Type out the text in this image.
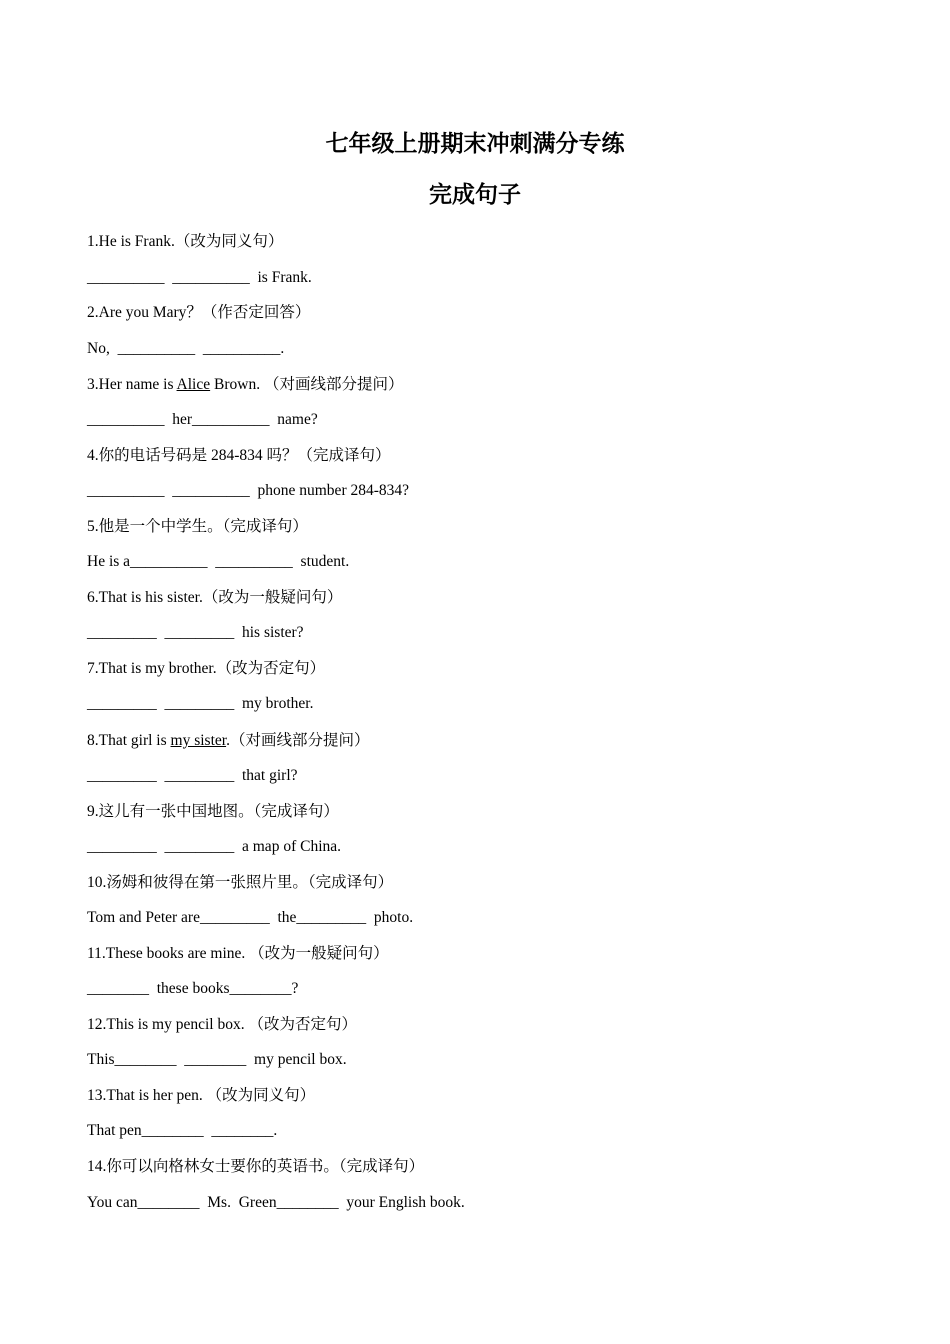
七年级上册期末冲刺满分专练
完成句子
1.He is Frank.（改为同义句）
__________  __________  is Frank.
2.Are you Mary？（作否定回答）
No,  __________  __________.
3.Her name is Alice Brown. （对画线部分提问）
__________  her__________  name?
4.你的电话号码是 284-834 吗？（完成译句）
__________  __________  phone number 284-834?
5.他是一个中学生。（完成译句）
He is a__________  __________  student.
6.That is his sister.（改为一般疑问句）
_________  _________  his sister?
7.That is my brother.（改为否定句）
_________  _________  my brother.
8.That girl is my sister.（对画线部分提问）
_________  _________  that girl?
9.这儿有一张中国地图。（完成译句）
_________  _________  a map of China.
10.汤姆和彼得在第一张照片里。（完成译句）
Tom and Peter are_________  the_________  photo.
11.These books are mine. （改为一般疑问句）
________  these books________?
12.This is my pencil box. （改为否定句）
This________  ________  my pencil box.
13.That is her pen. （改为同义句）
That pen________  ________.
14.你可以向格林女士要你的英语书。（完成译句）
You can________  Ms.  Green________  your English book.
